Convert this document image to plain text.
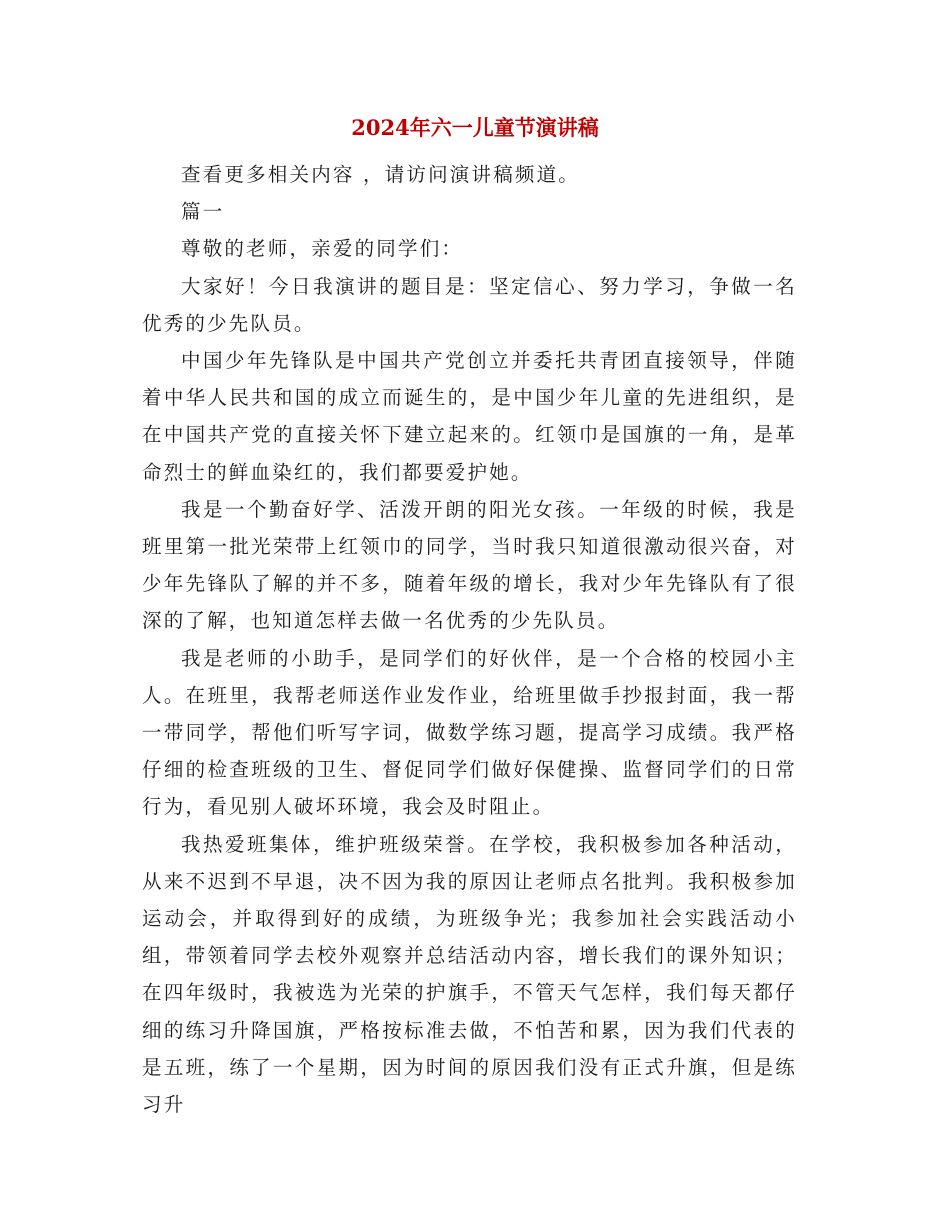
2024年六一儿童节演讲稿

查看更多相关内容 ，请访问演讲稿频道。

篇一

尊敬的老师，亲爱的同学们：

大家好！今日我演讲的题目是：坚定信心、努力学习，争做一名优秀的少先队员。

中国少年先锋队是中国共产党创立并委托共青团直接领导，伴随着中华人民共和国的成立而诞生的，是中国少年儿童的先进组织，是在中国共产党的直接关怀下建立起来的。红领巾是国旗的一角，是革命烈士的鲜血染红的，我们都要爱护她。

我是一个勤奋好学、活泼开朗的阳光女孩。一年级的时候，我是班里第一批光荣带上红领巾的同学，当时我只知道很激动很兴奋，对少年先锋队了解的并不多，随着年级的增长，我对少年先锋队有了很深的了解，也知道怎样去做一名优秀的少先队员。

我是老师的小助手，是同学们的好伙伴，是一个合格的校园小主人。在班里，我帮老师送作业发作业，给班里做手抄报封面，我一帮一带同学，帮他们听写字词，做数学练习题，提高学习成绩。我严格仔细的检查班级的卫生、督促同学们做好保健操、监督同学们的日常行为，看见别人破坏环境，我会及时阻止。

我热爱班集体，维护班级荣誉。在学校，我积极参加各种活动，从来不迟到不早退，决不因为我的原因让老师点名批判。我积极参加运动会，并取得到好的成绩，为班级争光；我参加社会实践活动小组，带领着同学去校外观察并总结活动内容，增长我们的课外知识；在四年级时，我被选为光荣的护旗手，不管天气怎样，我们每天都仔细的练习升降国旗，严格按标准去做，不怕苦和累，因为我们代表的是五班，练了一个星期，因为时间的原因我们没有正式升旗，但是练习升
